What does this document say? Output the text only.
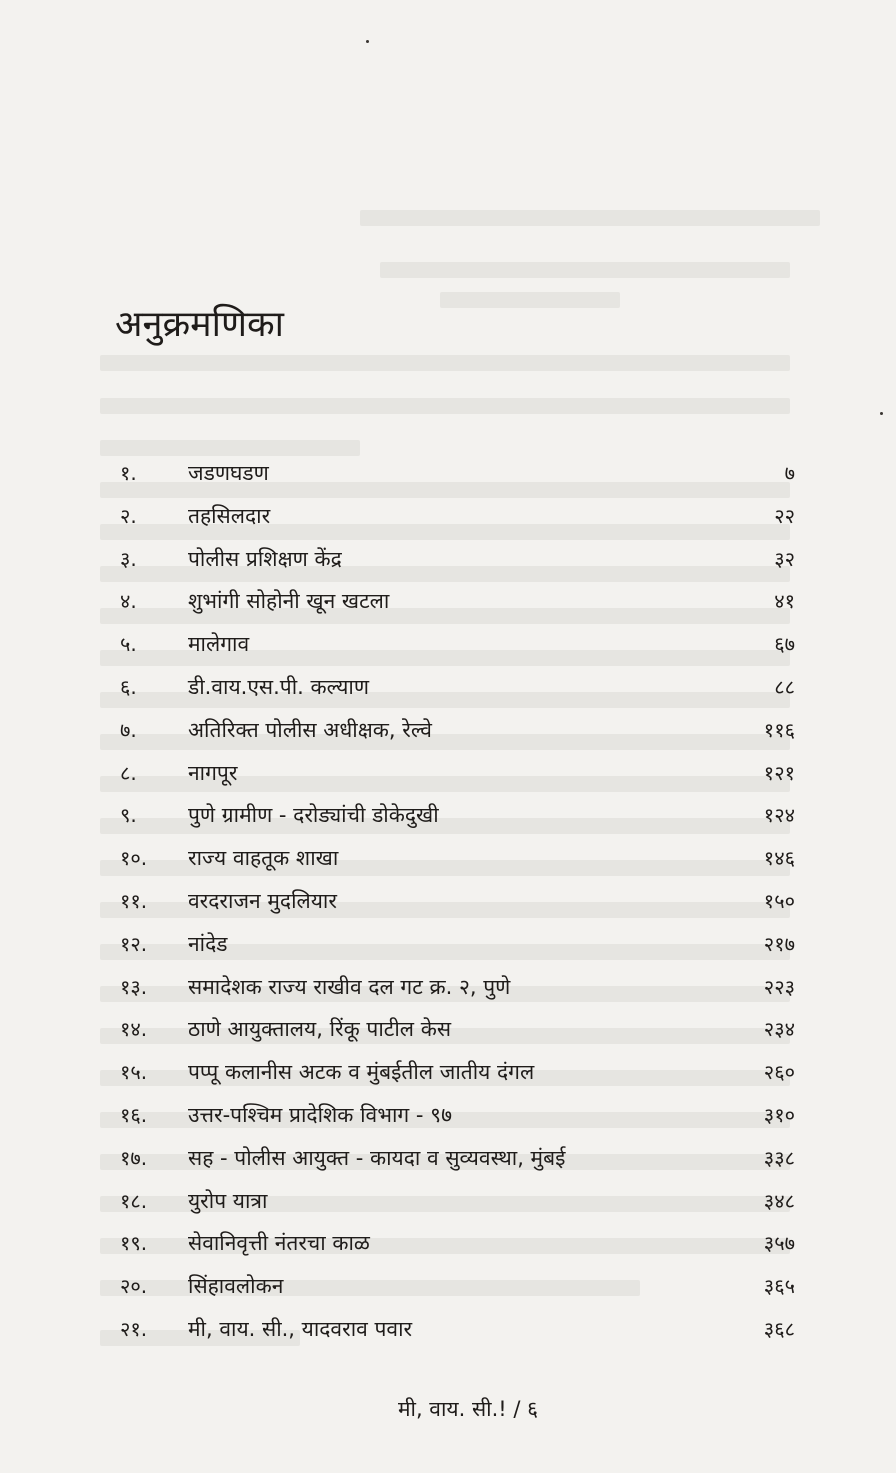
अनुक्रमणिका
१. जडणघडण	७
२. तहसिलदार	२२
३. पोलीस प्रशिक्षण केंद्र	३२
४. शुभांगी सोहोनी खून खटला	४१
५. मालेगाव	६७
६. डी.वाय.एस.पी. कल्याण	८८
७. अतिरिक्त पोलीस अधीक्षक, रेल्वे	११६
८. नागपूर	१२१
९. पुणे ग्रामीण - दरोड्यांची डोकेदुखी	१२४
१०. राज्य वाहतूक शाखा	१४६
११. वरदराजन मुदलियार	१५०
१२. नांदेड	२१७
१३. समादेशक राज्य राखीव दल गट क्र. २, पुणे	२२३
१४. ठाणे आयुक्तालय, रिंकू पाटील केस	२३४
१५. पप्पू कलानीस अटक व मुंबईतील जातीय दंगल	२६०
१६. उत्तर-पश्चिम प्रादेशिक विभाग - ९७	३१०
१७. सह - पोलीस आयुक्त - कायदा व सुव्यवस्था, मुंबई	३३८
१८. युरोप यात्रा	३४८
१९. सेवानिवृत्ती नंतरचा काळ	३५७
२०. सिंहावलोकन	३६५
२१. मी, वाय. सी., यादवराव पवार	३६८
मी, वाय. सी.! / ६
